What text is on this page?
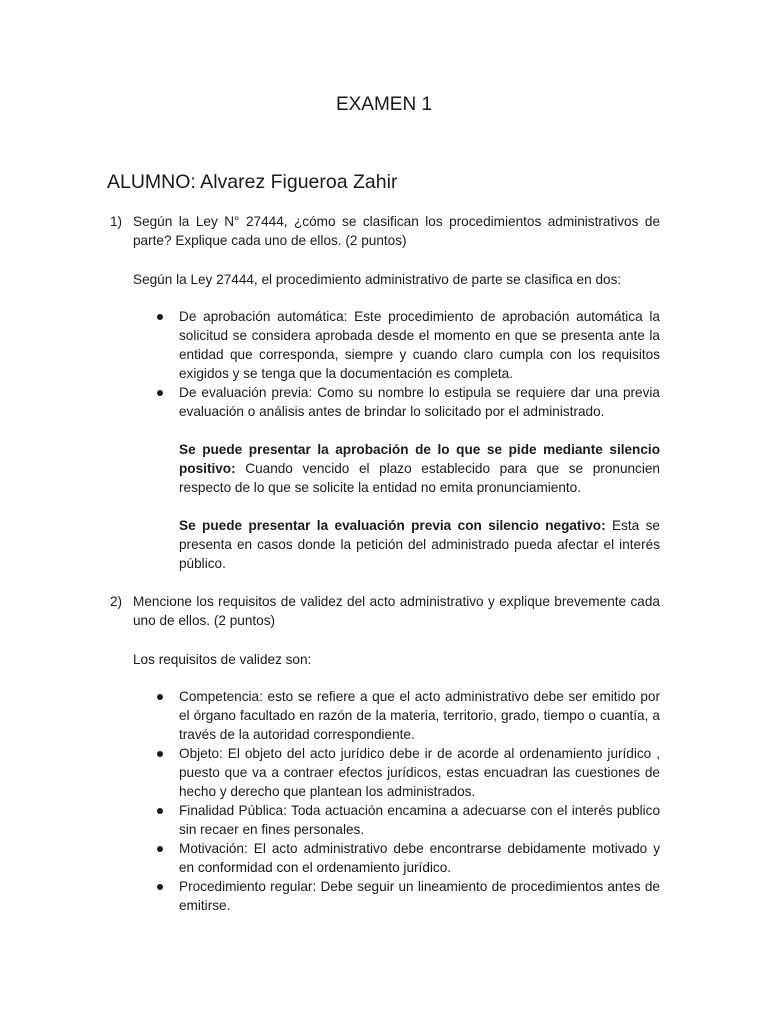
EXAMEN 1
ALUMNO: Alvarez Figueroa Zahir
1) Según la Ley N° 27444, ¿cómo se clasifican los procedimientos administrativos de parte? Explique cada uno de ellos. (2 puntos)
Según la Ley 27444, el procedimiento administrativo de parte se clasifica en dos:
De aprobación automática: Este procedimiento de aprobación automática la solicitud se considera aprobada desde el momento en que se presenta ante la entidad que corresponda, siempre y cuando claro cumpla con los requisitos exigidos y se tenga que la documentación es completa.
De evaluación previa: Como su nombre lo estipula se requiere dar una previa evaluación o análisis antes de brindar lo solicitado por el administrado.
Se puede presentar la aprobación de lo que se pide mediante silencio positivo: Cuando vencido el plazo establecido para que se pronuncien respecto de lo que se solicite la entidad no emita pronunciamiento.
Se puede presentar la evaluación previa con silencio negativo: Esta se presenta en casos donde la petición del administrado pueda afectar el interés público.
2) Mencione los requisitos de validez del acto administrativo y explique brevemente cada uno de ellos. (2 puntos)
Los requisitos de validez son:
Competencia: esto se refiere a que el acto administrativo debe ser emitido por el órgano facultado en razón de la materia, territorio, grado, tiempo o cuantía, a través de la autoridad correspondiente.
Objeto: El objeto del acto jurídico debe ir de acorde al ordenamiento jurídico , puesto que va a contraer efectos jurídicos, estas encuadran las cuestiones de hecho y derecho que plantean los administrados.
Finalidad Pública: Toda actuación encamina a adecuarse con el interés publico sin recaer en fines personales.
Motivación: El acto administrativo debe encontrarse debidamente motivado y en conformidad con el ordenamiento jurídico.
Procedimiento regular: Debe seguir un lineamiento de procedimientos antes de emitirse.
